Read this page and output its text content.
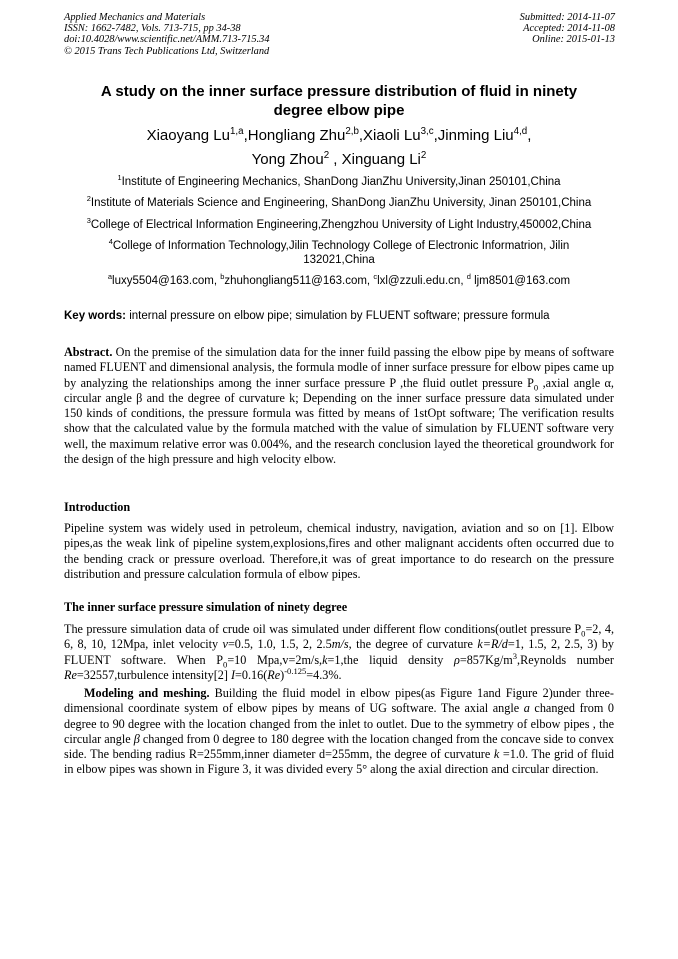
Applied Mechanics and Materials
ISSN: 1662-7482, Vols. 713-715, pp 34-38
doi:10.4028/www.scientific.net/AMM.713-715.34
© 2015 Trans Tech Publications Ltd, Switzerland
Submitted: 2014-11-07
Accepted: 2014-11-08
Online: 2015-01-13
A study on the inner surface pressure distribution of fluid in ninety
degree elbow pipe
Xiaoyang Lu$^{1,a}$,Hongliang Zhu$^{2,b}$,Xiaoli Lu$^{3,c}$,Jinming Liu$^{4,d}$,
Yong Zhou$^2$ , Xinguang Li$^2$
$^1$Institute of Engineering Mechanics, ShanDong JianZhu University,Jinan 250101,China
$^2$Institute of Materials Science and Engineering, ShanDong JianZhu University, Jinan 250101,China
$^3$College of Electrical Information Engineering,Zhengzhou University of Light Industry,450002,China
$^4$College of Information Technology,Jilin Technology College of Electronic Informatrion, Jilin
132021,China
$^a$luxy5504@163.com, $^b$zhuhongliang511@163.com, $^c$lxl@zzuli.edu.cn, $^d$ ljm8501@163.com
Key words: internal pressure on elbow pipe; simulation by FLUENT software; pressure formula
Abstract. On the premise of the simulation data for the inner fuild passing the elbow pipe by means of software named FLUENT and dimensional analysis, the formula modle of inner surface pressure for elbow pipes came up by analyzing the relationships among the inner surface pressure P ,the fluid outlet pressure $P_0$ ,axial angle α, circular angle β and the degree of curvature k; Depending on the inner surface pressure data simulated under 150 kinds of conditions, the pressure formula was fitted by means of 1stOpt software; The verification results show that the calculated value by the formula matched with the value of simulation by FLUENT software very well, the maximum relative error was 0.004%, and the research conclusion layed the theoretical groundwork for the design of the high pressure and high velocity elbow.
Introduction
Pipeline system was widely used in petroleum, chemical industry, navigation, aviation and so on [1]. Elbow pipes,as the weak link of pipeline system,explosions,fires and other malignant accidents often occurred due to the bending crack or pressure overload. Therefore,it was of great importance to do research on the pressure distribution and pressure calculation formula of elbow pipes.
The inner surface pressure simulation of ninety degree
The pressure simulation data of crude oil was simulated under different flow conditions(outlet pressure $P_0=2$, 4, 6, 8, 10, 12Mpa, inlet velocity v=0.5, 1.0, 1.5, 2, 2.5m/s, the degree of curvature k=R/d=1, 1.5, 2, 2.5, 3) by FLUENT software. When $P_0=10$ Mpa,v=2m/s,k=1,the liquid density $\rho=857Kg/m^3,Reynolds$ number Re=32557,turbulence intensity[2] $I=0.16(Re)^{-0.125}=4.3\%$.
Modeling and meshing. Building the fluid model in elbow pipes(as Figure 1and Figure 2)under three-dimensional coordinate system of elbow pipes by means of UG software. The axial angle a changed from 0 degree to 90 degree with the location changed from the inlet to outlet. Due to the symmetry of elbow pipes , the circular angle β changed from 0 degree to 180 degree with the location changed from the concave side to convex side. The bending radius R=255mm,inner diameter d=255mm, the degree of curvature k =1.0. The grid of fluid in elbow pipes was shown in Figure 3, it was divided every 5° along the axial direction and circular direction.
